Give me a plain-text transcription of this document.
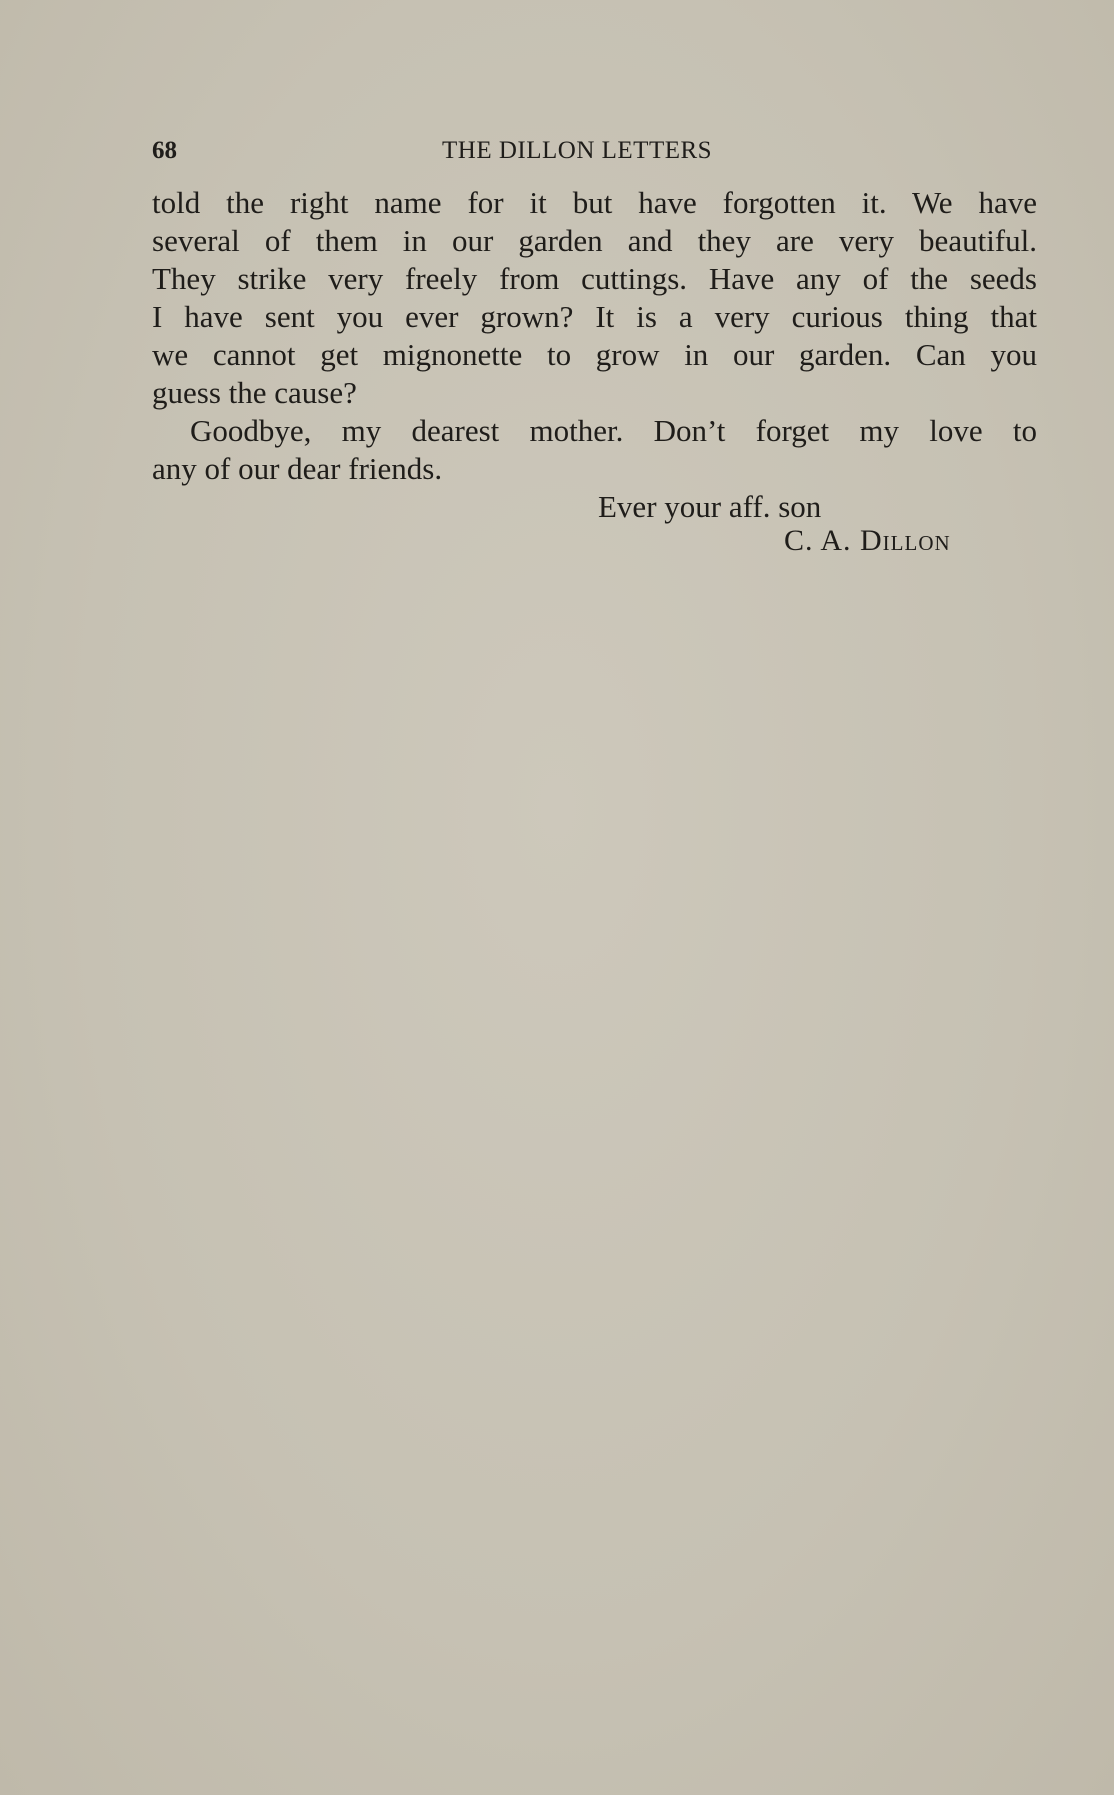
68	THE DILLON LETTERS
told the right name for it but have forgotten it. We have
several of them in our garden and they are very beautiful.
They strike very freely from cuttings. Have any of the seeds
I have sent you ever grown? It is a very curious thing that
we cannot get mignonette to grow in our garden. Can you
guess the cause?
Goodbye, my dearest mother. Don’t forget my love to
any of our dear friends.
Ever your aff. son
C. A. Dillon
